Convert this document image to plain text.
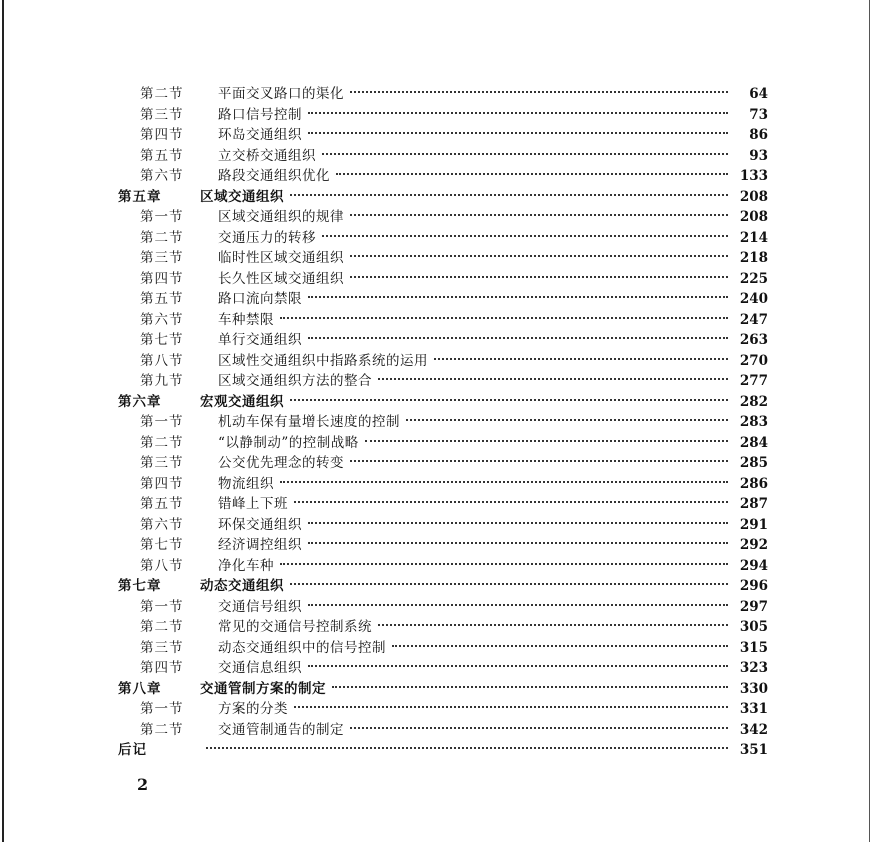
第二节	平面交叉路口的渠化	64
第三节	路口信号控制	73
第四节	环岛交通组织	86
第五节	立交桥交通组织	93
第六节	路段交通组织优化	133
第五章	区域交通组织	208
第一节	区域交通组织的规律	208
第二节	交通压力的转移	214
第三节	临时性区域交通组织	218
第四节	长久性区域交通组织	225
第五节	路口流向禁限	240
第六节	车种禁限	247
第七节	单行交通组织	263
第八节	区域性交通组织中指路系统的运用	270
第九节	区域交通组织方法的整合	277
第六章	宏观交通组织	282
第一节	机动车保有量增长速度的控制	283
第二节	“以静制动”的控制战略	284
第三节	公交优先理念的转变	285
第四节	物流组织	286
第五节	错峰上下班	287
第六节	环保交通组织	291
第七节	经济调控组织	292
第八节	净化车种	294
第七章	动态交通组织	296
第一节	交通信号组织	297
第二节	常见的交通信号控制系统	305
第三节	动态交通组织中的信号控制	315
第四节	交通信息组织	323
第八章	交通管制方案的制定	330
第一节	方案的分类	331
第二节	交通管制通告的制定	342
后记	351
2
